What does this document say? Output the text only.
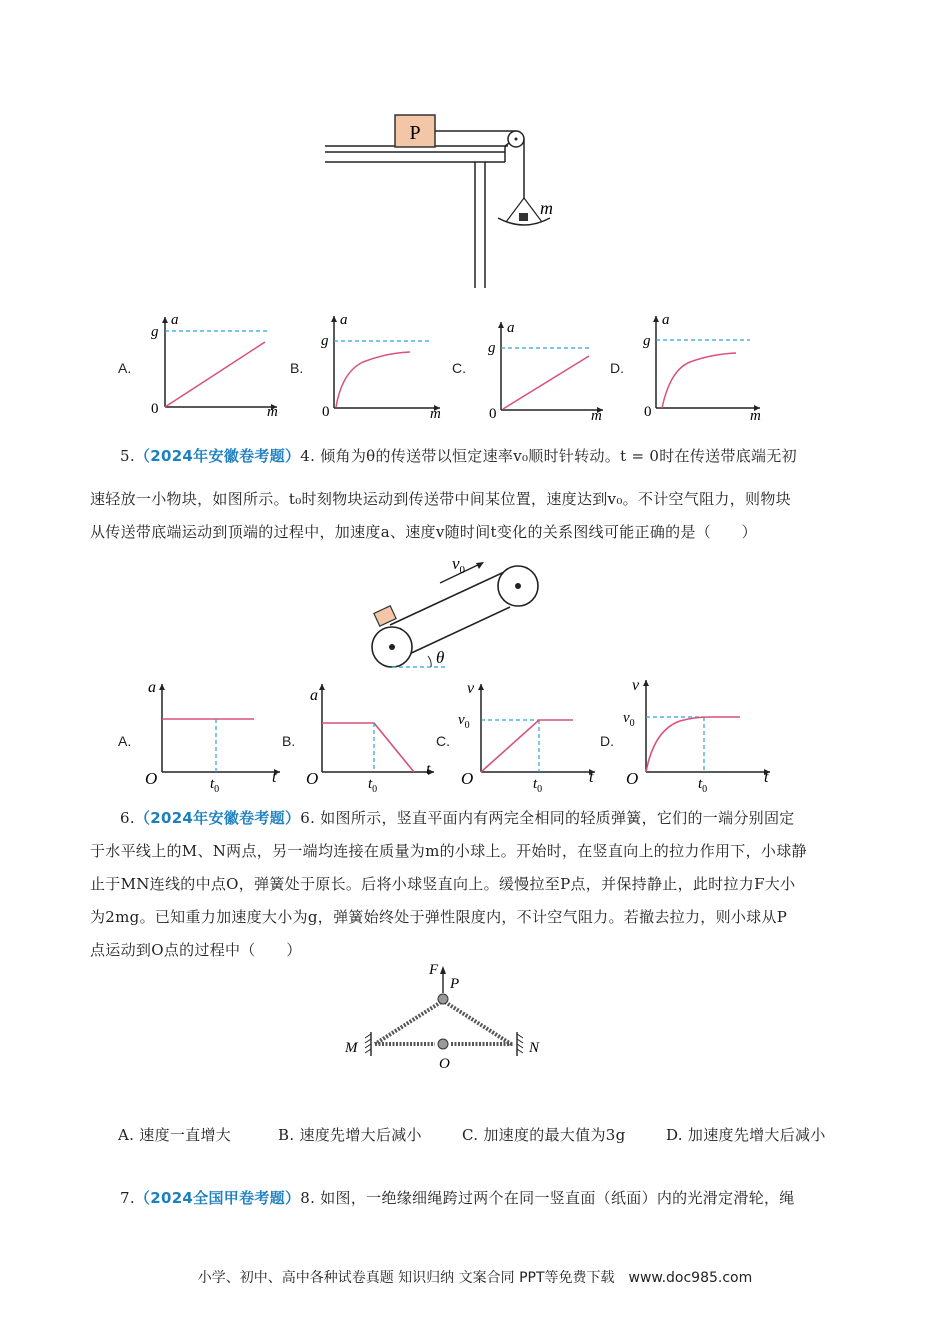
P
m
A.
a
g
0	m
B.
a
g
0	m
C.
a
g
0	m
D.
a
g
0	m
5.（2024年安徽卷考题）4. 倾角为θ的传送带以恒定速率v₀顺时针转动。t = 0时在传送带底端无初
速轻放一小物块，如图所示。t₀时刻物块运动到传送带中间某位置，速度达到v₀。不计空气阻力，则物块
从传送带底端运动到顶端的过程中，加速度a、速度v随时间t变化的关系图线可能正确的是（　　）
$v_0$
θ
A.
a
O	$t_0$
t
B.
a
O	$t_0$
t
C.
v
$v_0$
O	$t_0$
t
D.
v
$v_0$
O	$t_0$
t
6.（2024年安徽卷考题）6. 如图所示，竖直平面内有两完全相同的轻质弹簧，它们的一端分别固定
于水平线上的M、N两点，另一端均连接在质量为m的小球上。开始时，在竖直向上的拉力作用下，小球静
止于MN连线的中点O，弹簧处于原长。后将小球竖直向上。缓慢拉至P点，并保持静止，此时拉力F大小
为2mg。已知重力加速度大小为g，弹簧始终处于弹性限度内，不计空气阻力。若撤去拉力，则小球从P
点运动到O点的过程中（　　）
F
P
M	N
O
A. 速度一直增大	B. 速度先增大后减小	C. 加速度的最大值为3g	D. 加速度先增大后减小
7.（2024全国甲卷考题）8. 如图，一绝缘细绳跨过两个在同一竖直面（纸面）内的光滑定滑轮，绳
小学、初中、高中各种试卷真题 知识归纳 文案合同 PPT等免费下载　www.doc985.com
